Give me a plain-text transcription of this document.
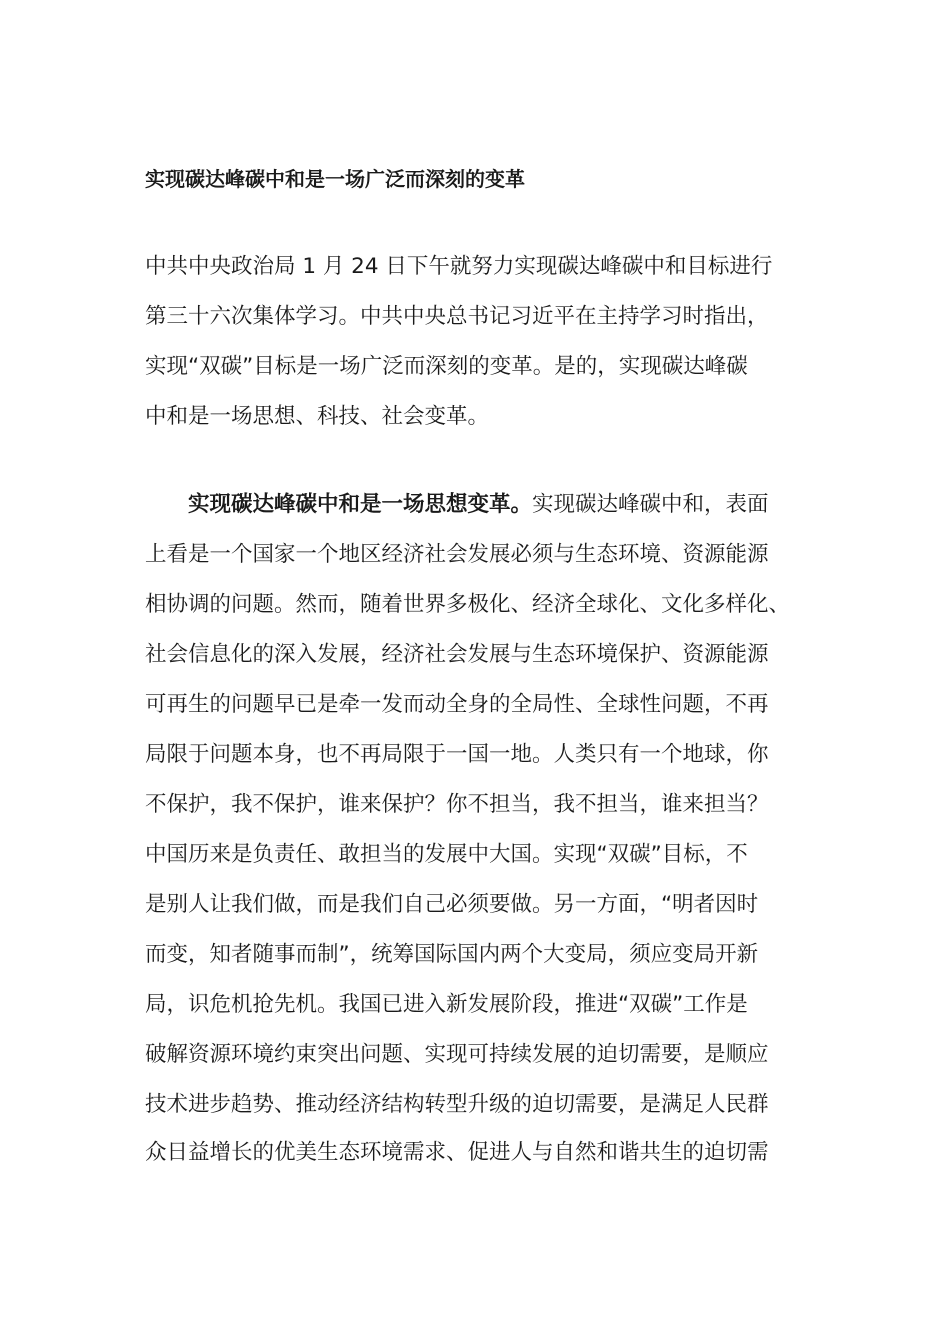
实现碳达峰碳中和是一场广泛而深刻的变革
中共中央政治局 1 月 24 日下午就努力实现碳达峰碳中和目标进行
第三十六次集体学习。中共中央总书记习近平在主持学习时指出，
实现“双碳”目标是一场广泛而深刻的变革。是的，实现碳达峰碳
中和是一场思想、科技、社会变革。
实现碳达峰碳中和是一场思想变革。实现碳达峰碳中和，表面
上看是一个国家一个地区经济社会发展必须与生态环境、资源能源
相协调的问题。然而，随着世界多极化、经济全球化、文化多样化、
社会信息化的深入发展，经济社会发展与生态环境保护、资源能源
可再生的问题早已是牵一发而动全身的全局性、全球性问题，不再
局限于问题本身，也不再局限于一国一地。人类只有一个地球，你
不保护，我不保护，谁来保护？你不担当，我不担当，谁来担当？
中国历来是负责任、敢担当的发展中大国。实现“双碳”目标，不
是别人让我们做，而是我们自己必须要做。另一方面，“明者因时
而变，知者随事而制”，统筹国际国内两个大变局，须应变局开新
局，识危机抢先机。我国已进入新发展阶段，推进“双碳”工作是
破解资源环境约束突出问题、实现可持续发展的迫切需要，是顺应
技术进步趋势、推动经济结构转型升级的迫切需要，是满足人民群
众日益增长的优美生态环境需求、促进人与自然和谐共生的迫切需
